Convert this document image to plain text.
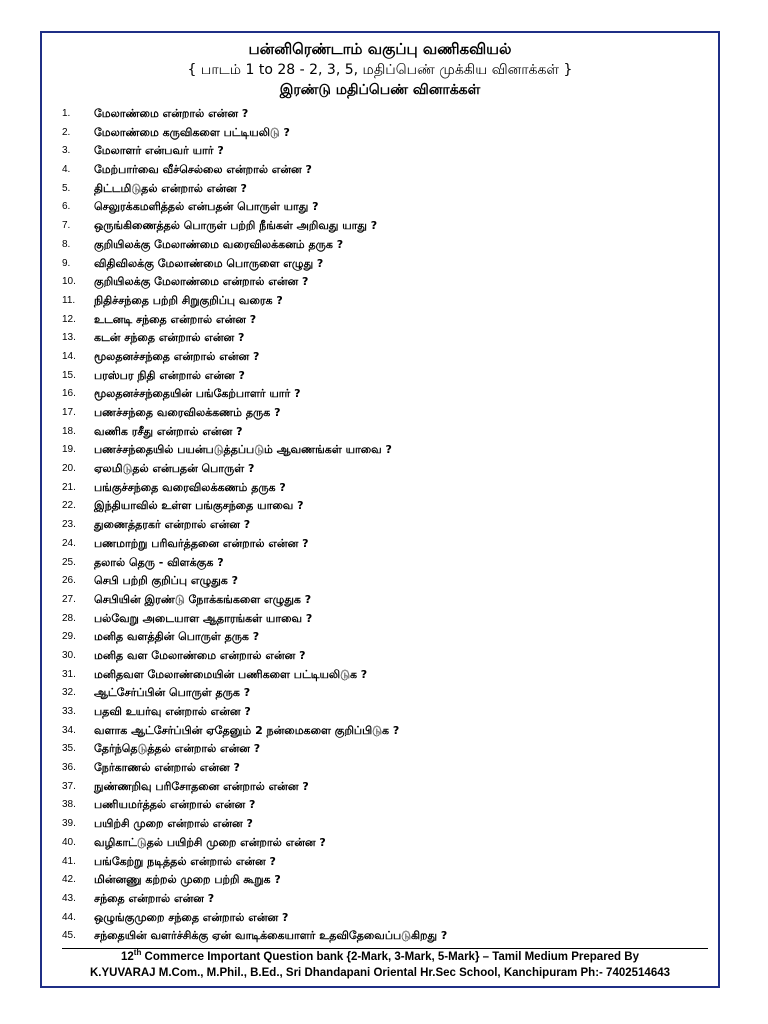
பன்னிரெண்டாம் வகுப்பு வணிகவியல்
{ பாடம் 1 to 28 - 2, 3, 5, மதிப்பெண் முக்கிய வினாக்கள் }
இரண்டு மதிப்பெண் வினாக்கள்
1.	மேலாண்மை என்றால் என்ன ?
2.	மேலாண்மை கருவிகளை பட்டியலிடு ?
3.	மேலாளர் என்பவர் யார் ?
4.	மேற்பார்வை வீச்செல்லை என்றால் என்ன ?
5.	திட்டமிடுதல் என்றால் என்ன ?
6.	செலுரக்கமளித்தல் என்பதன் பொருள் யாது ?
7.	ஒருங்கிணைத்தல் பொருள் பற்றி நீங்கள் அறிவது யாது ?
8.	குறியிலக்கு மேலாண்மை வரைவிலக்கனம் தருக ?
9.	விதிவிலக்கு மேலாண்மை பொருளை எழுது ?
10.	குறியிலக்கு மேலாண்மை என்றால் என்ன ?
11.	நிதிச்சந்தை பற்றி சிறுகுறிப்பு வரைக ?
12.	உடனடி சந்தை என்றால் என்ன ?
13.	கடன் சந்தை என்றால் என்ன ?
14.	மூலதனச்சந்தை என்றால் என்ன ?
15.	பரஸ்பர நிதி என்றால் என்ன ?
16.	மூலதனச்சந்தையின் பங்கேற்பாளர் யார் ?
17.	பணச்சந்தை வரைவிலக்கணம் தருக ?
18.	வணிக ரசீது என்றால் என்ன ?
19.	பணச்சந்தையில் பயன்படுத்தப்படும் ஆவணங்கள் யாவை ?
20.	ஏலமிடுதல் என்பதன் பொருள் ?
21.	பங்குச்சந்தை வரைவிலக்கணம் தருக ?
22.	இந்தியாவில் உள்ள பங்குசந்தை யாவை ?
23.	துணைத்தரகர் என்றால் என்ன ?
24.	பணமாற்று பரிவர்த்தனை என்றால் என்ன ?
25.	தலால் தெரு - விளக்குக ?
26.	செபி பற்றி குறிப்பு எழுதுக ?
27.	செபியின் இரண்டு நோக்கங்களை எழுதுக ?
28.	பல்வேறு அடையாள ஆதாரங்கள் யாவை ?
29.	மனித வளத்தின் பொருள் தருக ?
30.	மனித வள மேலாண்மை என்றால் என்ன ?
31.	மனிதவள மேலாண்மையின் பணிகளை பட்டியலிடுக ?
32.	ஆட்சேர்ப்பின் பொருள் தருக ?
33.	பதவி உயர்வு என்றால் என்ன ?
34.	வளாக ஆட்சேர்ப்பின் ஏதேனும் 2 நன்மைகளை குறிப்பிடுக ?
35.	தேர்ந்தெடுத்தல் என்றால் என்ன ?
36.	நேர்காணல் என்றால் என்ன ?
37.	நுண்ணறிவு பரிசோதனை என்றால் என்ன ?
38.	பணியமர்த்தல் என்றால் என்ன ?
39.	பயிற்சி முறை என்றால் என்ன ?
40.	வழிகாட்டுதல் பயிற்சி முறை என்றால் என்ன ?
41.	பங்கேற்று நடித்தல் என்றால் என்ன ?
42.	மின்னணு கற்றல் முறை பற்றி கூறுக ?
43.	சந்தை என்றால் என்ன ?
44.	ஒழுங்குமுறை சந்தை என்றால் என்ன ?
45.	சந்தையின் வளர்ச்சிக்கு ஏன் வாடிக்கையாளர் உதவிதேவைப்படுகிறது ?
12th Commerce Important Question bank {2-Mark, 3-Mark, 5-Mark} – Tamil Medium Prepared By
K.YUVARAJ M.Com., M.Phil., B.Ed., Sri Dhandapani Oriental Hr.Sec School, Kanchipuram Ph:- 7402514643
